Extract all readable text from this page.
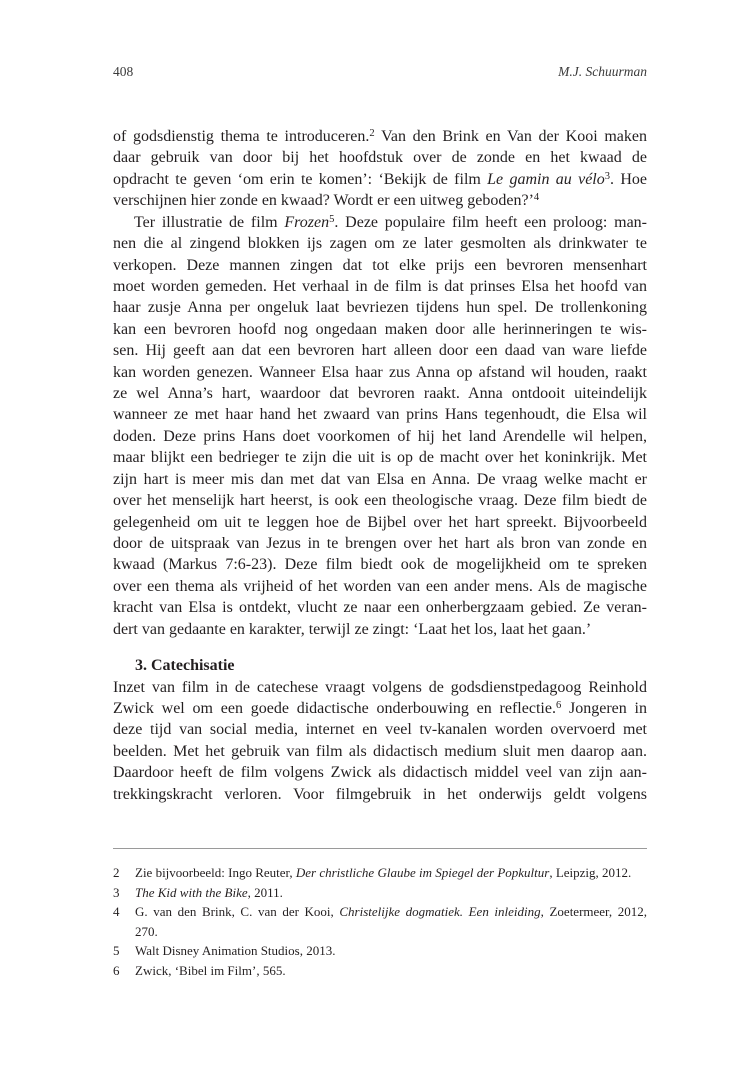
408	M.J. Schuurman
of godsdienstig thema te introduceren.$^2$ Van den Brink en Van der Kooi maken
daar gebruik van door bij het hoofdstuk over de zonde en het kwaad de
opdracht te geven ‘om erin te komen’: ‘Bekijk de film Le gamin au vélo$^3$. Hoe
verschijnen hier zonde en kwaad? Wordt er een uitweg geboden?’$^4$
Ter illustratie de film Frozen$^5$. Deze populaire film heeft een proloog: man-
nen die al zingend blokken ijs zagen om ze later gesmolten als drinkwater te
verkopen. Deze mannen zingen dat tot elke prijs een bevroren mensenhart
moet worden gemeden. Het verhaal in de film is dat prinses Elsa het hoofd van
haar zusje Anna per ongeluk laat bevriezen tijdens hun spel. De trollenkoning
kan een bevroren hoofd nog ongedaan maken door alle herinneringen te wis-
sen. Hij geeft aan dat een bevroren hart alleen door een daad van ware liefde
kan worden genezen. Wanneer Elsa haar zus Anna op afstand wil houden, raakt
ze wel Anna’s hart, waardoor dat bevroren raakt. Anna ontdooit uiteindelijk
wanneer ze met haar hand het zwaard van prins Hans tegenhoudt, die Elsa wil
doden. Deze prins Hans doet voorkomen of hij het land Arendelle wil helpen,
maar blijkt een bedrieger te zijn die uit is op de macht over het koninkrijk. Met
zijn hart is meer mis dan met dat van Elsa en Anna. De vraag welke macht er
over het menselijk hart heerst, is ook een theologische vraag. Deze film biedt de
gelegenheid om uit te leggen hoe de Bijbel over het hart spreekt. Bijvoorbeeld
door de uitspraak van Jezus in te brengen over het hart als bron van zonde en
kwaad (Markus 7:6-23). Deze film biedt ook de mogelijkheid om te spreken
over een thema als vrijheid of het worden van een ander mens. Als de magische
kracht van Elsa is ontdekt, vlucht ze naar een onherbergzaam gebied. Ze veran-
dert van gedaante en karakter, terwijl ze zingt: ‘Laat het los, laat het gaan.’
3. Catechisatie
Inzet van film in de catechese vraagt volgens de godsdienstpedagoog Reinhold
Zwick wel om een goede didactische onderbouwing en reflectie.$^6$ Jongeren in
deze tijd van social media, internet en veel tv-kanalen worden overvoerd met
beelden. Met het gebruik van film als didactisch medium sluit men daarop aan.
Daardoor heeft de film volgens Zwick als didactisch middel veel van zijn aan-
trekkingskracht verloren. Voor filmgebruik in het onderwijs geldt volgens
2	Zie bijvoorbeeld: Ingo Reuter, Der christliche Glaube im Spiegel der Popkultur, Leipzig, 2012.
3	The Kid with the Bike, 2011.
4	G. van den Brink, C. van der Kooi, Christelijke dogmatiek. Een inleiding, Zoetermeer, 2012,
270.
5	Walt Disney Animation Studios, 2013.
6	Zwick, ‘Bibel im Film’, 565.
